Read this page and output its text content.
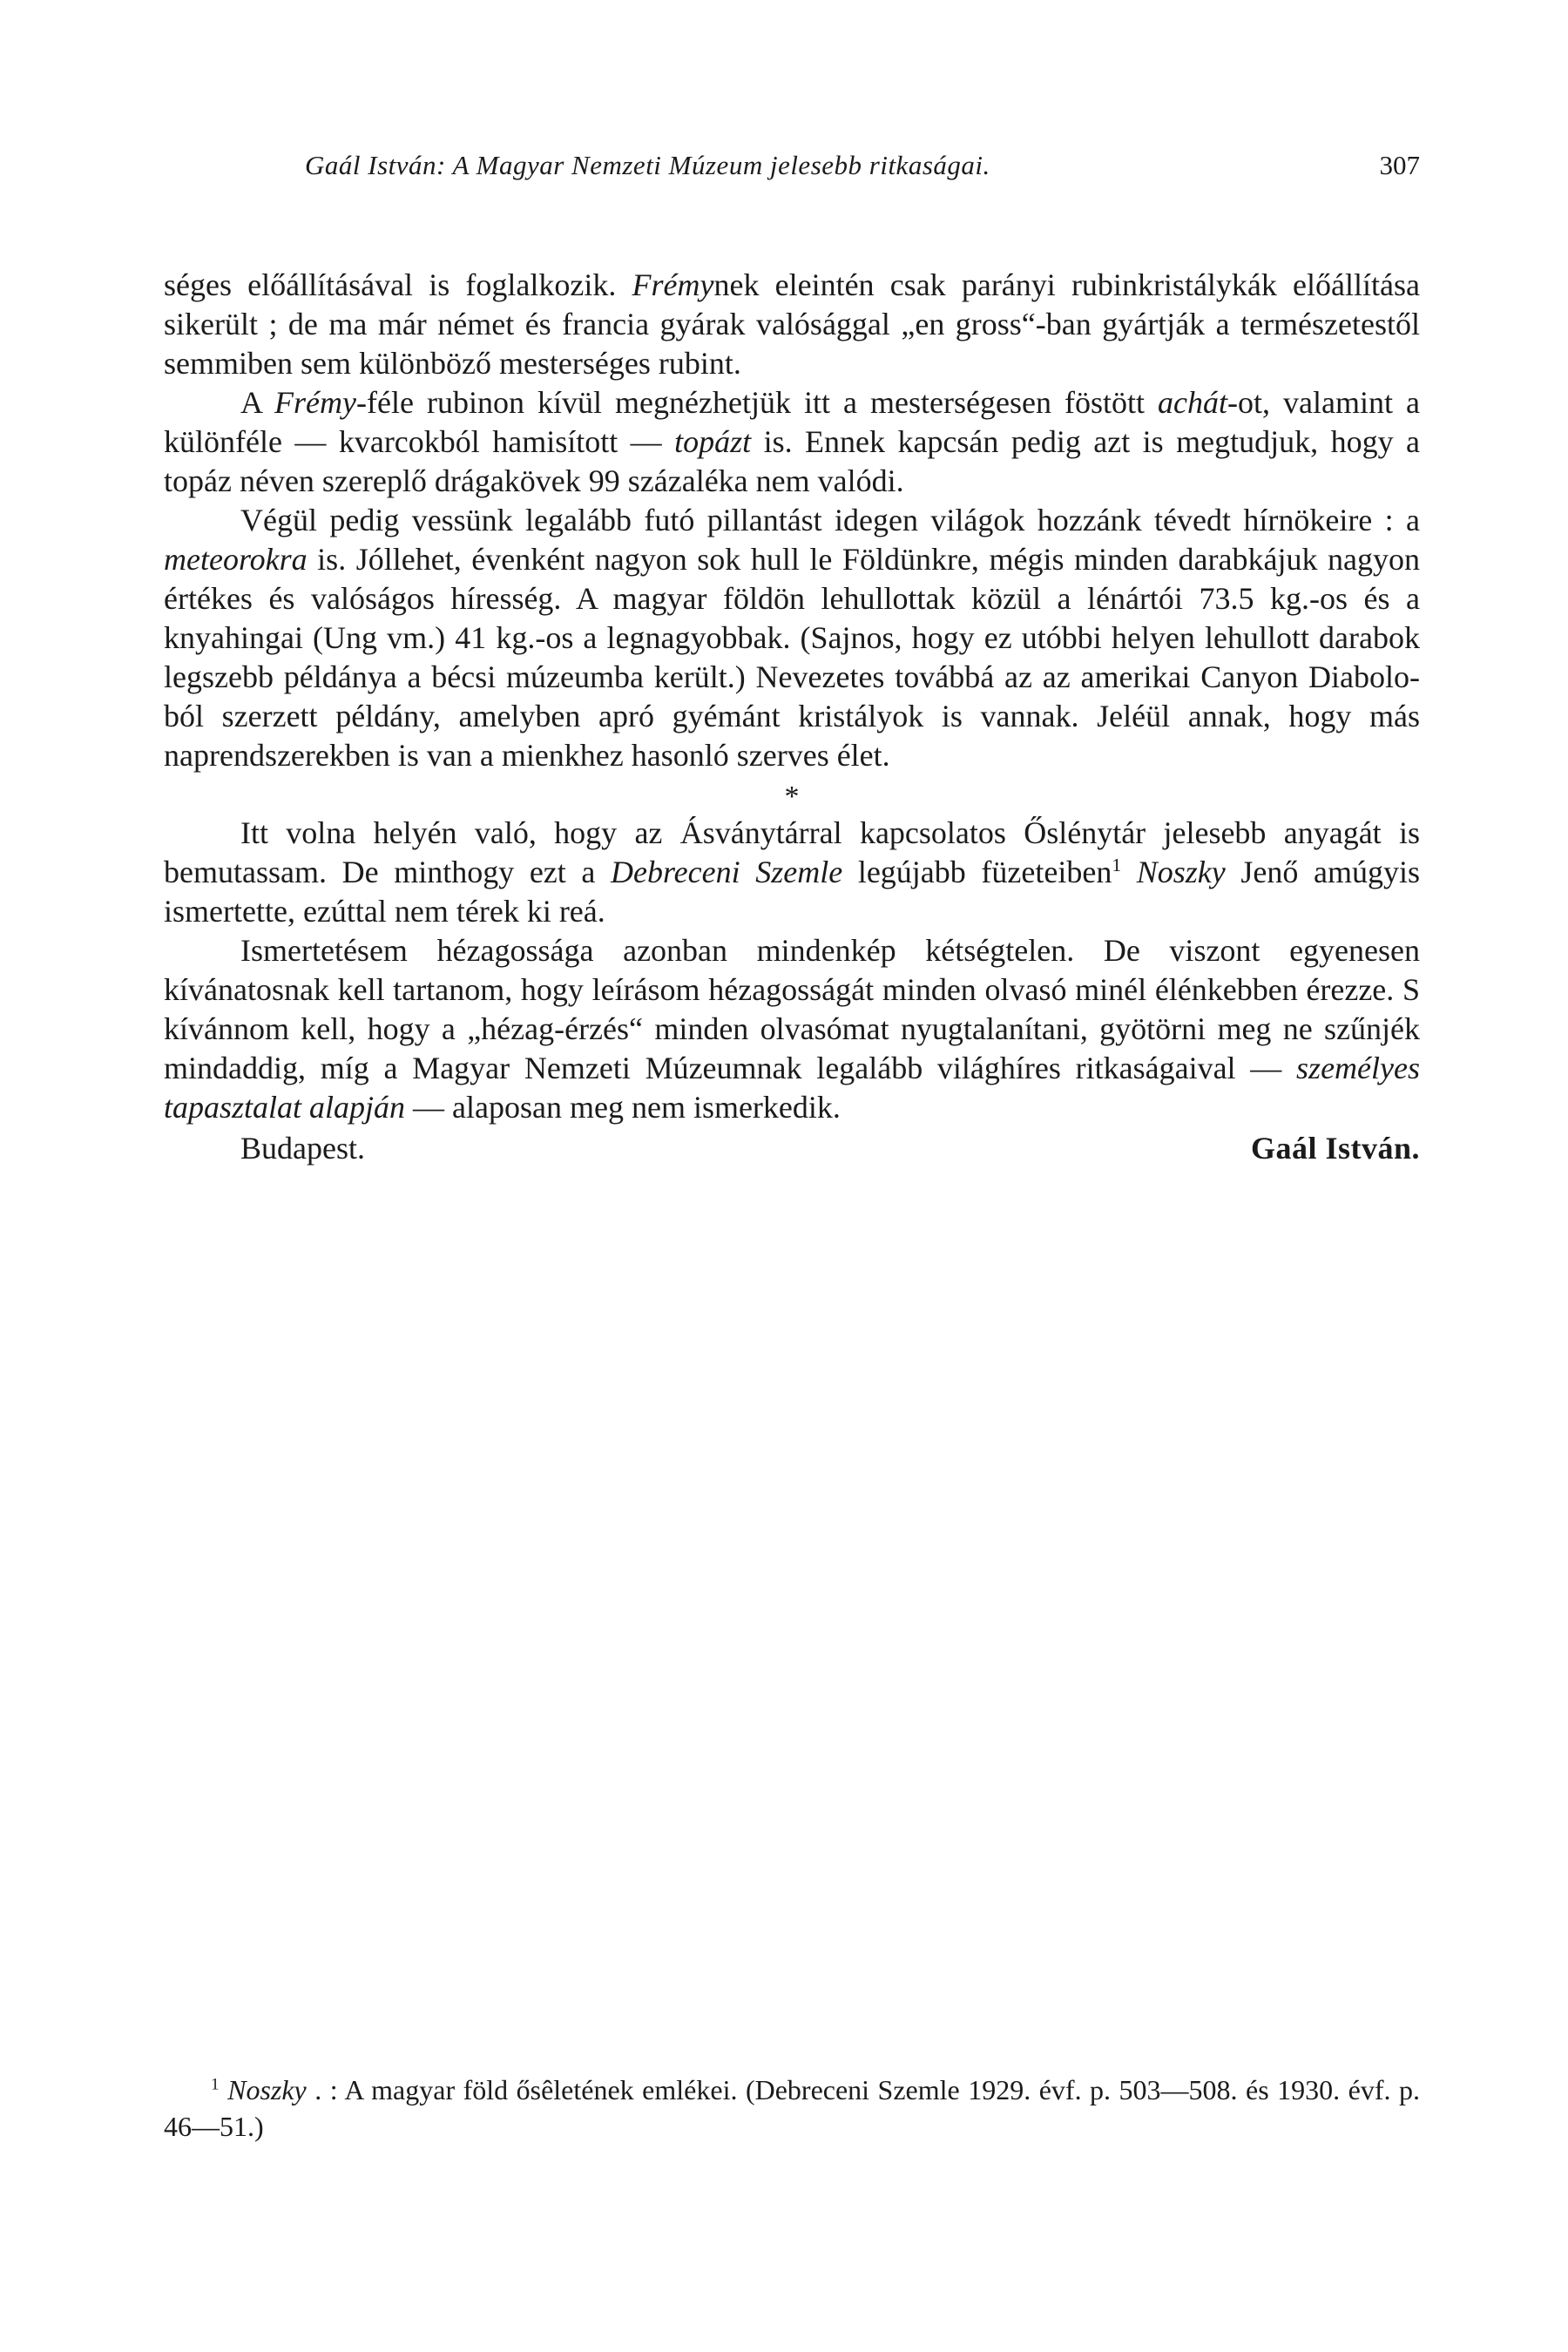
Gaál István: A Magyar Nemzeti Múzeum jelesebb ritkaságai.	307

séges előállításával is foglalkozik. Frémynek eleintén csak parányi rubinkristálykák előállítása sikerült ; de ma már német és francia gyárak valósággal „en gross“-ban gyártják a természetestől semmiben sem különböző mesterséges rubint.

A Frémy-féle rubinon kívül megnézhetjük itt a mesterségesen föstött achát-ot, valamint a különféle — kvarcokból hamisított — topázt is. Ennek kapcsán pedig azt is megtudjuk, hogy a topáz néven szereplő drágakövek 99 százaléka nem valódi.

Végül pedig vessünk legalább futó pillantást idegen világok hozzánk tévedt hírnökeire : a meteorokra is. Jóllehet, évenként nagyon sok hull le Földünkre, mégis minden darabkájuk nagyon értékes és valóságos híresség. A magyar földön lehullottak közül a lénártói 73.5 kg.-os és a knyahingai (Ung vm.) 41 kg.-os a legnagyobbak. (Sajnos, hogy ez utóbbi helyen lehullott darabok legszebb példánya a bécsi múzeumba került.) Nevezetes továbbá az az amerikai Canyon Diabolo-ból szerzett példány, amelyben apró gyémánt kristályok is vannak. Jeléül annak, hogy más naprendszerekben is van a mienkhez hasonló szerves élet.

*

Itt volna helyén való, hogy az Ásványtárral kapcsolatos Őslénytár jelesebb anyagát is bemutassam. De minthogy ezt a Debreceni Szemle legújabb füzeteiben$^1$ Noszky Jenő amúgyis ismertette, ezúttal nem térek ki reá.

Ismertetésem hézagossága azonban mindenkép kétségtelen. De viszont egyenesen kívánatosnak kell tartanom, hogy leírásom hézagosságát minden olvasó minél élénkebben érezze. S kívánnom kell, hogy a „hézag-érzés“ minden olvasómat nyugtalanítani, gyötörni meg ne szűnjék mindaddig, míg a Magyar Nemzeti Múzeumnak legalább világhíres ritkaságaival — személyes tapasztalat alapján — alaposan meg nem ismerkedik.

Budapest.	Gaál István.

$^1$ Noszky . : A magyar föld ősêletének emlékei. (Debreceni Szemle 1929. évf. p. 503—508. és 1930. évf. p. 46—51.)
